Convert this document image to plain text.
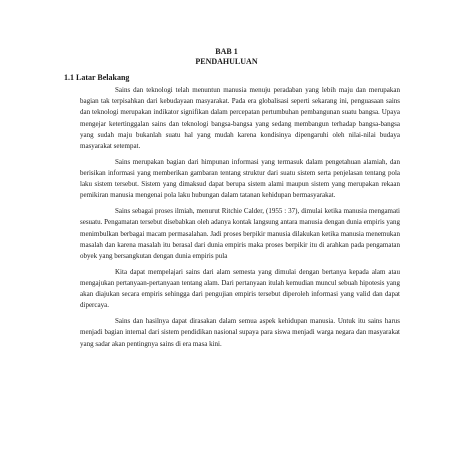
BAB 1
PENDAHULUAN
1.1 Latar Belakang

Sains dan teknologi telah menuntun manusia menuju peradaban yang lebih maju dan merupakan bagian tak terpisahkan dari kebudayaan masyarakat. Pada era globalisasi seperti sekarang ini, penguasaan sains dan teknologi merupakan indikator signifikan dalam percepatan pertumbuhan pembangunan suatu bangsa. Upaya mengejar ketertinggalan sains dan teknologi bangsa-bangsa yang sedang membangun terhadap bangsa-bangsa yang sudah maju bukanlah suatu hal yang mudah karena kondisinya dipengaruhi oleh nilai-nilai budaya masyarakat setempat.

Sains merupakan bagian dari himpunan informasi yang termasuk dalam pengetahuan alamiah, dan berisikan informasi yang memberikan gambaran tentang struktur dari suatu sistem serta penjelasan tentang pola laku sistem tersebut. Sistem yang dimaksud dapat berupa sistem alami maupun sistem yang merupakan rekaan pemikiran manusia mengenai pola laku hubungan dalam tatanan kehidupan bermasyarakat.

Sains sebagai proses ilmiah, menurut Ritchie Calder, (1955 : 37), dimulai ketika manusia mengamati sesuatu. Pengamatan tersebut disebabkan oleh adanya kontak langsung antara manusia dengan dunia empiris yang menimbulkan berbagai macam permasalahan. Jadi proses berpikir manusia dilakukan ketika manusia menemukan masalah dan karena masalah itu berasal dari dunia empiris maka proses berpikir itu di arahkan pada pengamatan obyek yang bersangkutan dengan dunia empiris pula

Kita dapat mempelajari sains dari alam semesta yang dimulai dengan bertanya kepada alam atau mengajukan pertanyaan-pertanyaan tentang alam. Dari pertanyaan itulah kemudian muncul sebuah hipotesis yang akan diajukan secara empiris sehingga dari pengujian empiris tersebut diperoleh informasi yang valid dan dapat dipercaya.

Sains dan hasilnya dapat dirasakan dalam semua aspek kehidupan manusia. Untuk itu sains harus menjadi bagian internal dari sistem pendidikan nasional supaya para siswa menjadi warga negara dan masyarakat yang sadar akan pentingnya sains di era masa kini.
